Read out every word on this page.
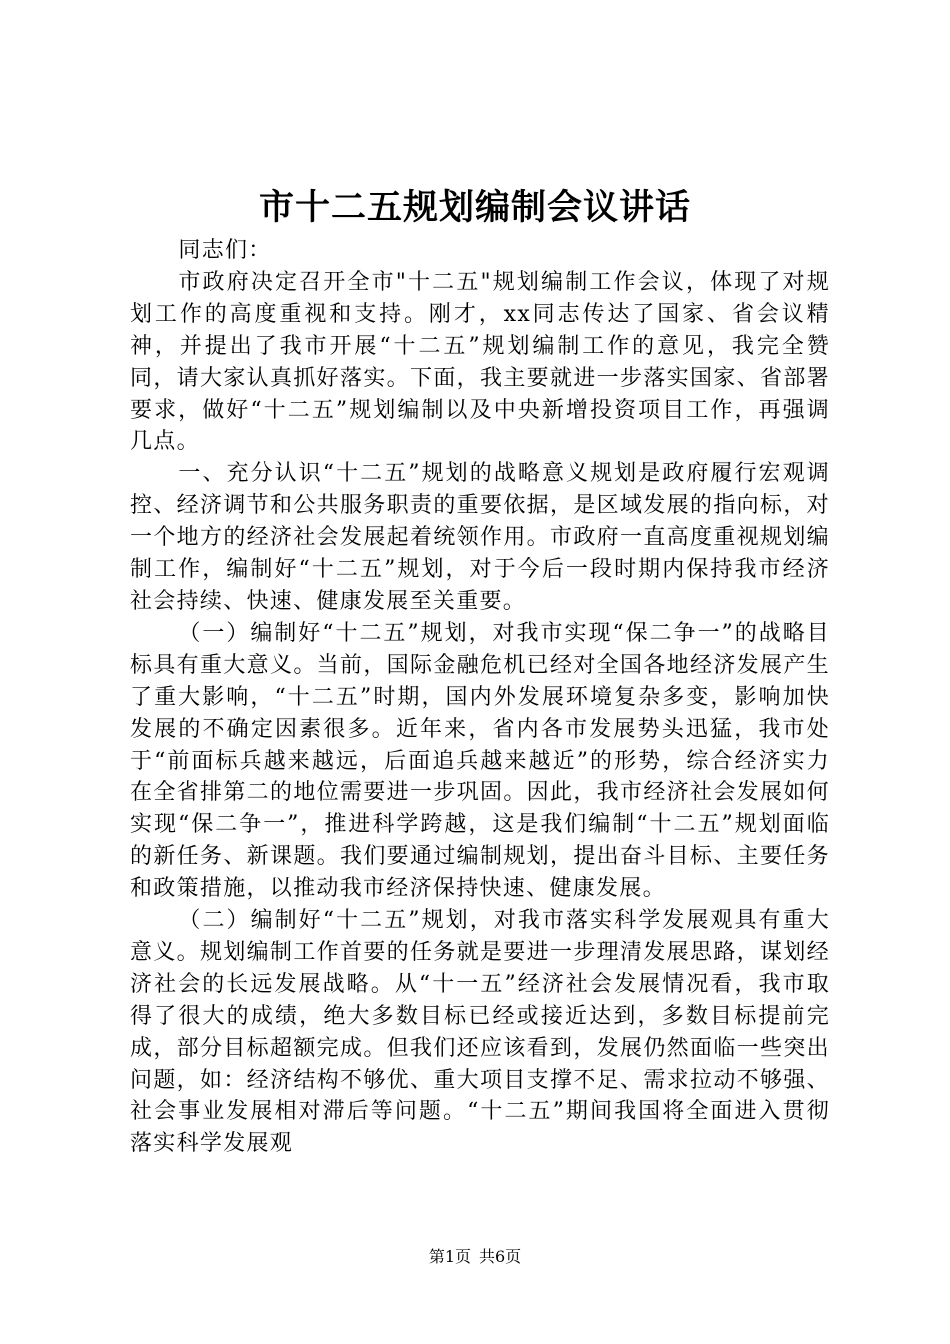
市十二五规划编制会议讲话

同志们：

市政府决定召开全市"十二五"规划编制工作会议，体现了对规划工作的高度重视和支持。刚才，xx同志传达了国家、省会议精神，并提出了我市开展“十二五”规划编制工作的意见，我完全赞同，请大家认真抓好落实。下面，我主要就进一步落实国家、省部署要求，做好“十二五”规划编制以及中央新增投资项目工作，再强调几点。

一、充分认识“十二五”规划的战略意义规划是政府履行宏观调控、经济调节和公共服务职责的重要依据，是区域发展的指向标，对一个地方的经济社会发展起着统领作用。市政府一直高度重视规划编制工作，编制好“十二五”规划，对于今后一段时期内保持我市经济社会持续、快速、健康发展至关重要。

（一）编制好“十二五”规划，对我市实现“保二争一”的战略目标具有重大意义。当前，国际金融危机已经对全国各地经济发展产生了重大影响，“十二五”时期，国内外发展环境复杂多变，影响加快发展的不确定因素很多。近年来，省内各市发展势头迅猛，我市处于“前面标兵越来越远，后面追兵越来越近”的形势，综合经济实力在全省排第二的地位需要进一步巩固。因此，我市经济社会发展如何实现“保二争一”，推进科学跨越，这是我们编制“十二五”规划面临的新任务、新课题。我们要通过编制规划，提出奋斗目标、主要任务和政策措施，以推动我市经济保持快速、健康发展。

（二）编制好“十二五”规划，对我市落实科学发展观具有重大意义。规划编制工作首要的任务就是要进一步理清发展思路，谋划经济社会的长远发展战略。从“十一五”经济社会发展情况看，我市取得了很大的成绩，绝大多数目标已经或接近达到，多数目标提前完成，部分目标超额完成。但我们还应该看到，发展仍然面临一些突出问题，如：经济结构不够优、重大项目支撑不足、需求拉动不够强、社会事业发展相对滞后等问题。“十二五”期间我国将全面进入贯彻落实科学发展观

第1页 共6页
